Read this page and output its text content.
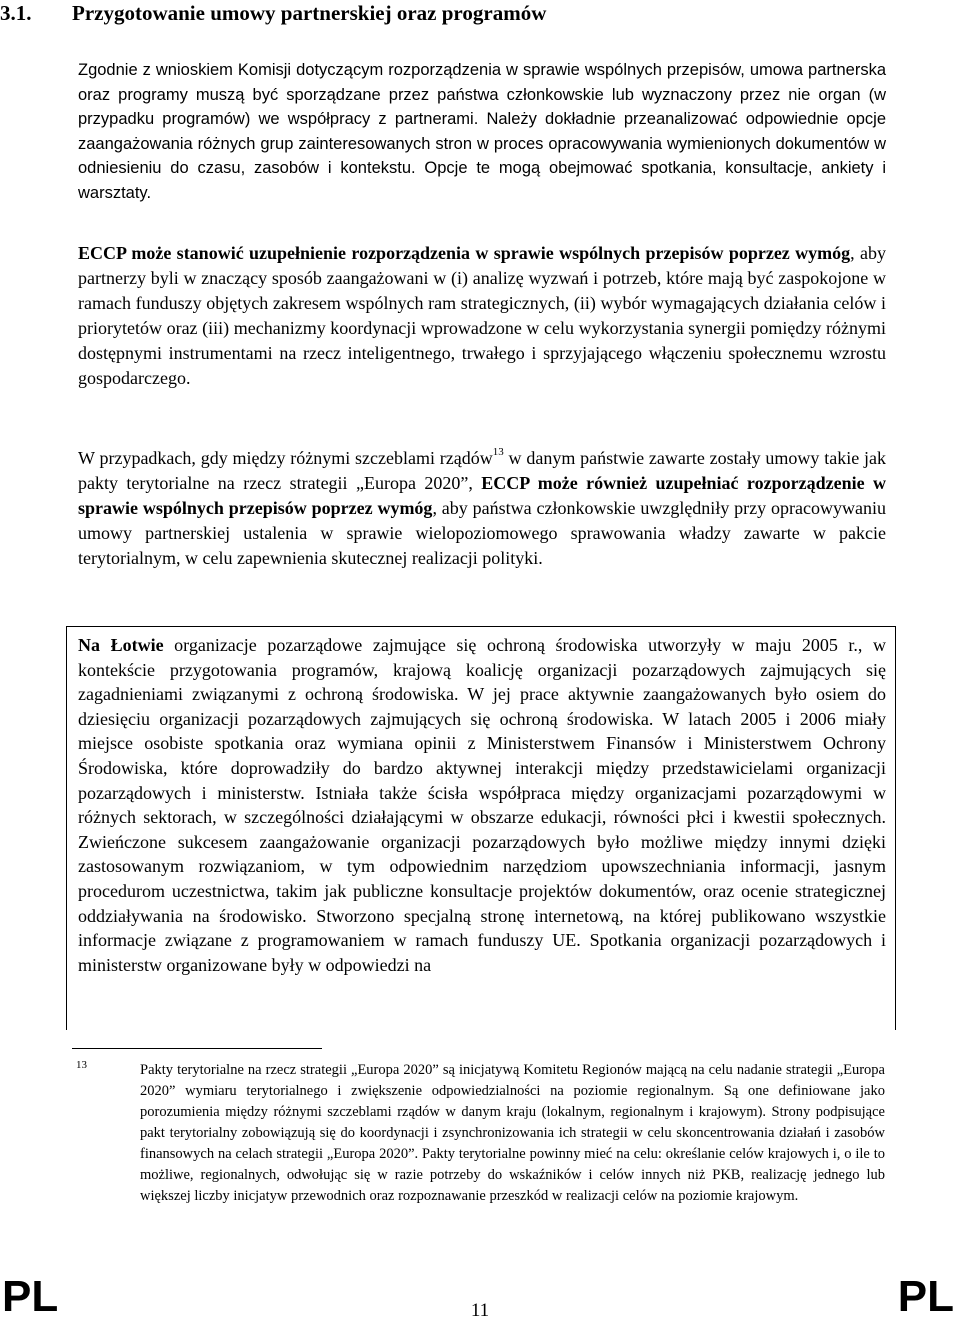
3.1. Przygotowanie umowy partnerskiej oraz programów
Zgodnie z wnioskiem Komisji dotyczącym rozporządzenia w sprawie wspólnych przepisów, umowa partnerska oraz programy muszą być sporządzane przez państwa członkowskie lub wyznaczony przez nie organ (w przypadku programów) we współpracy z partnerami. Należy dokładnie przeanalizować odpowiednie opcje zaangażowania różnych grup zainteresowanych stron w proces opracowywania wymienionych dokumentów w odniesieniu do czasu, zasobów i kontekstu. Opcje te mogą obejmować spotkania, konsultacje, ankiety i warsztaty.
ECCP może stanowić uzupełnienie rozporządzenia w sprawie wspólnych przepisów poprzez wymóg, aby partnerzy byli w znaczący sposób zaangażowani w (i) analizę wyzwań i potrzeb, które mają być zaspokojone w ramach funduszy objętych zakresem wspólnych ram strategicznych, (ii) wybór wymagających działania celów i priorytetów oraz (iii) mechanizmy koordynacji wprowadzone w celu wykorzystania synergii pomiędzy różnymi dostępnymi instrumentami na rzecz inteligentnego, trwałego i sprzyjającego włączeniu społecznemu wzrostu gospodarczego.
W przypadkach, gdy między różnymi szczeblami rządów$^{13}$ w danym państwie zawarte zostały umowy takie jak pakty terytorialne na rzecz strategii „Europa 2020”, ECCP może również uzupełniać rozporządzenie w sprawie wspólnych przepisów poprzez wymóg, aby państwa członkowskie uwzględniły przy opracowywaniu umowy partnerskiej ustalenia w sprawie wielopoziomowego sprawowania władzy zawarte w pakcie terytorialnym, w celu zapewnienia skutecznej realizacji polityki.
Na Łotwie organizacje pozarządowe zajmujące się ochroną środowiska utworzyły w maju 2005 r., w kontekście przygotowania programów, krajową koalicję organizacji pozarządowych zajmujących się zagadnieniami związanymi z ochroną środowiska. W jej prace aktywnie zaangażowanych było osiem do dziesięciu organizacji pozarządowych zajmujących się ochroną środowiska. W latach 2005 i 2006 miały miejsce osobiste spotkania oraz wymiana opinii z Ministerstwem Finansów i Ministerstwem Ochrony Środowiska, które doprowadziły do bardzo aktywnej interakcji między przedstawicielami organizacji pozarządowych i ministerstw. Istniała także ścisła współpraca między organizacjami pozarządowymi w różnych sektorach, w szczególności działającymi w obszarze edukacji, równości płci i kwestii społecznych. Zwieńczone sukcesem zaangażowanie organizacji pozarządowych było możliwe między innymi dzięki zastosowanym rozwiązaniom, w tym odpowiednim narzędziom upowszechniania informacji, jasnym procedurom uczestnictwa, takim jak publiczne konsultacje projektów dokumentów, oraz ocenie strategicznej oddziaływania na środowisko. Stworzono specjalną stronę internetową, na której publikowano wszystkie informacje związane z programowaniem w ramach funduszy UE. Spotkania organizacji pozarządowych i ministerstw organizowane były w odpowiedzi na
13	Pakty terytorialne na rzecz strategii „Europa 2020” są inicjatywą Komitetu Regionów mającą na celu nadanie strategii „Europa 2020” wymiaru terytorialnego i zwiększenie odpowiedzialności na poziomie regionalnym. Są one definiowane jako porozumienia między różnymi szczeblami rządów w danym kraju (lokalnym, regionalnym i krajowym). Strony podpisujące pakt terytorialny zobowiązują się do koordynacji i zsynchronizowania ich strategii w celu skoncentrowania działań i zasobów finansowych na celach strategii „Europa 2020”. Pakty terytorialne powinny mieć na celu: określanie celów krajowych i, o ile to możliwe, regionalnych, odwołując się w razie potrzeby do wskaźników i celów innych niż PKB, realizację jednego lub większej liczby inicjatyw przewodnich oraz rozpoznawanie przeszkód w realizacji celów na poziomie krajowym.
PL	11	PL
